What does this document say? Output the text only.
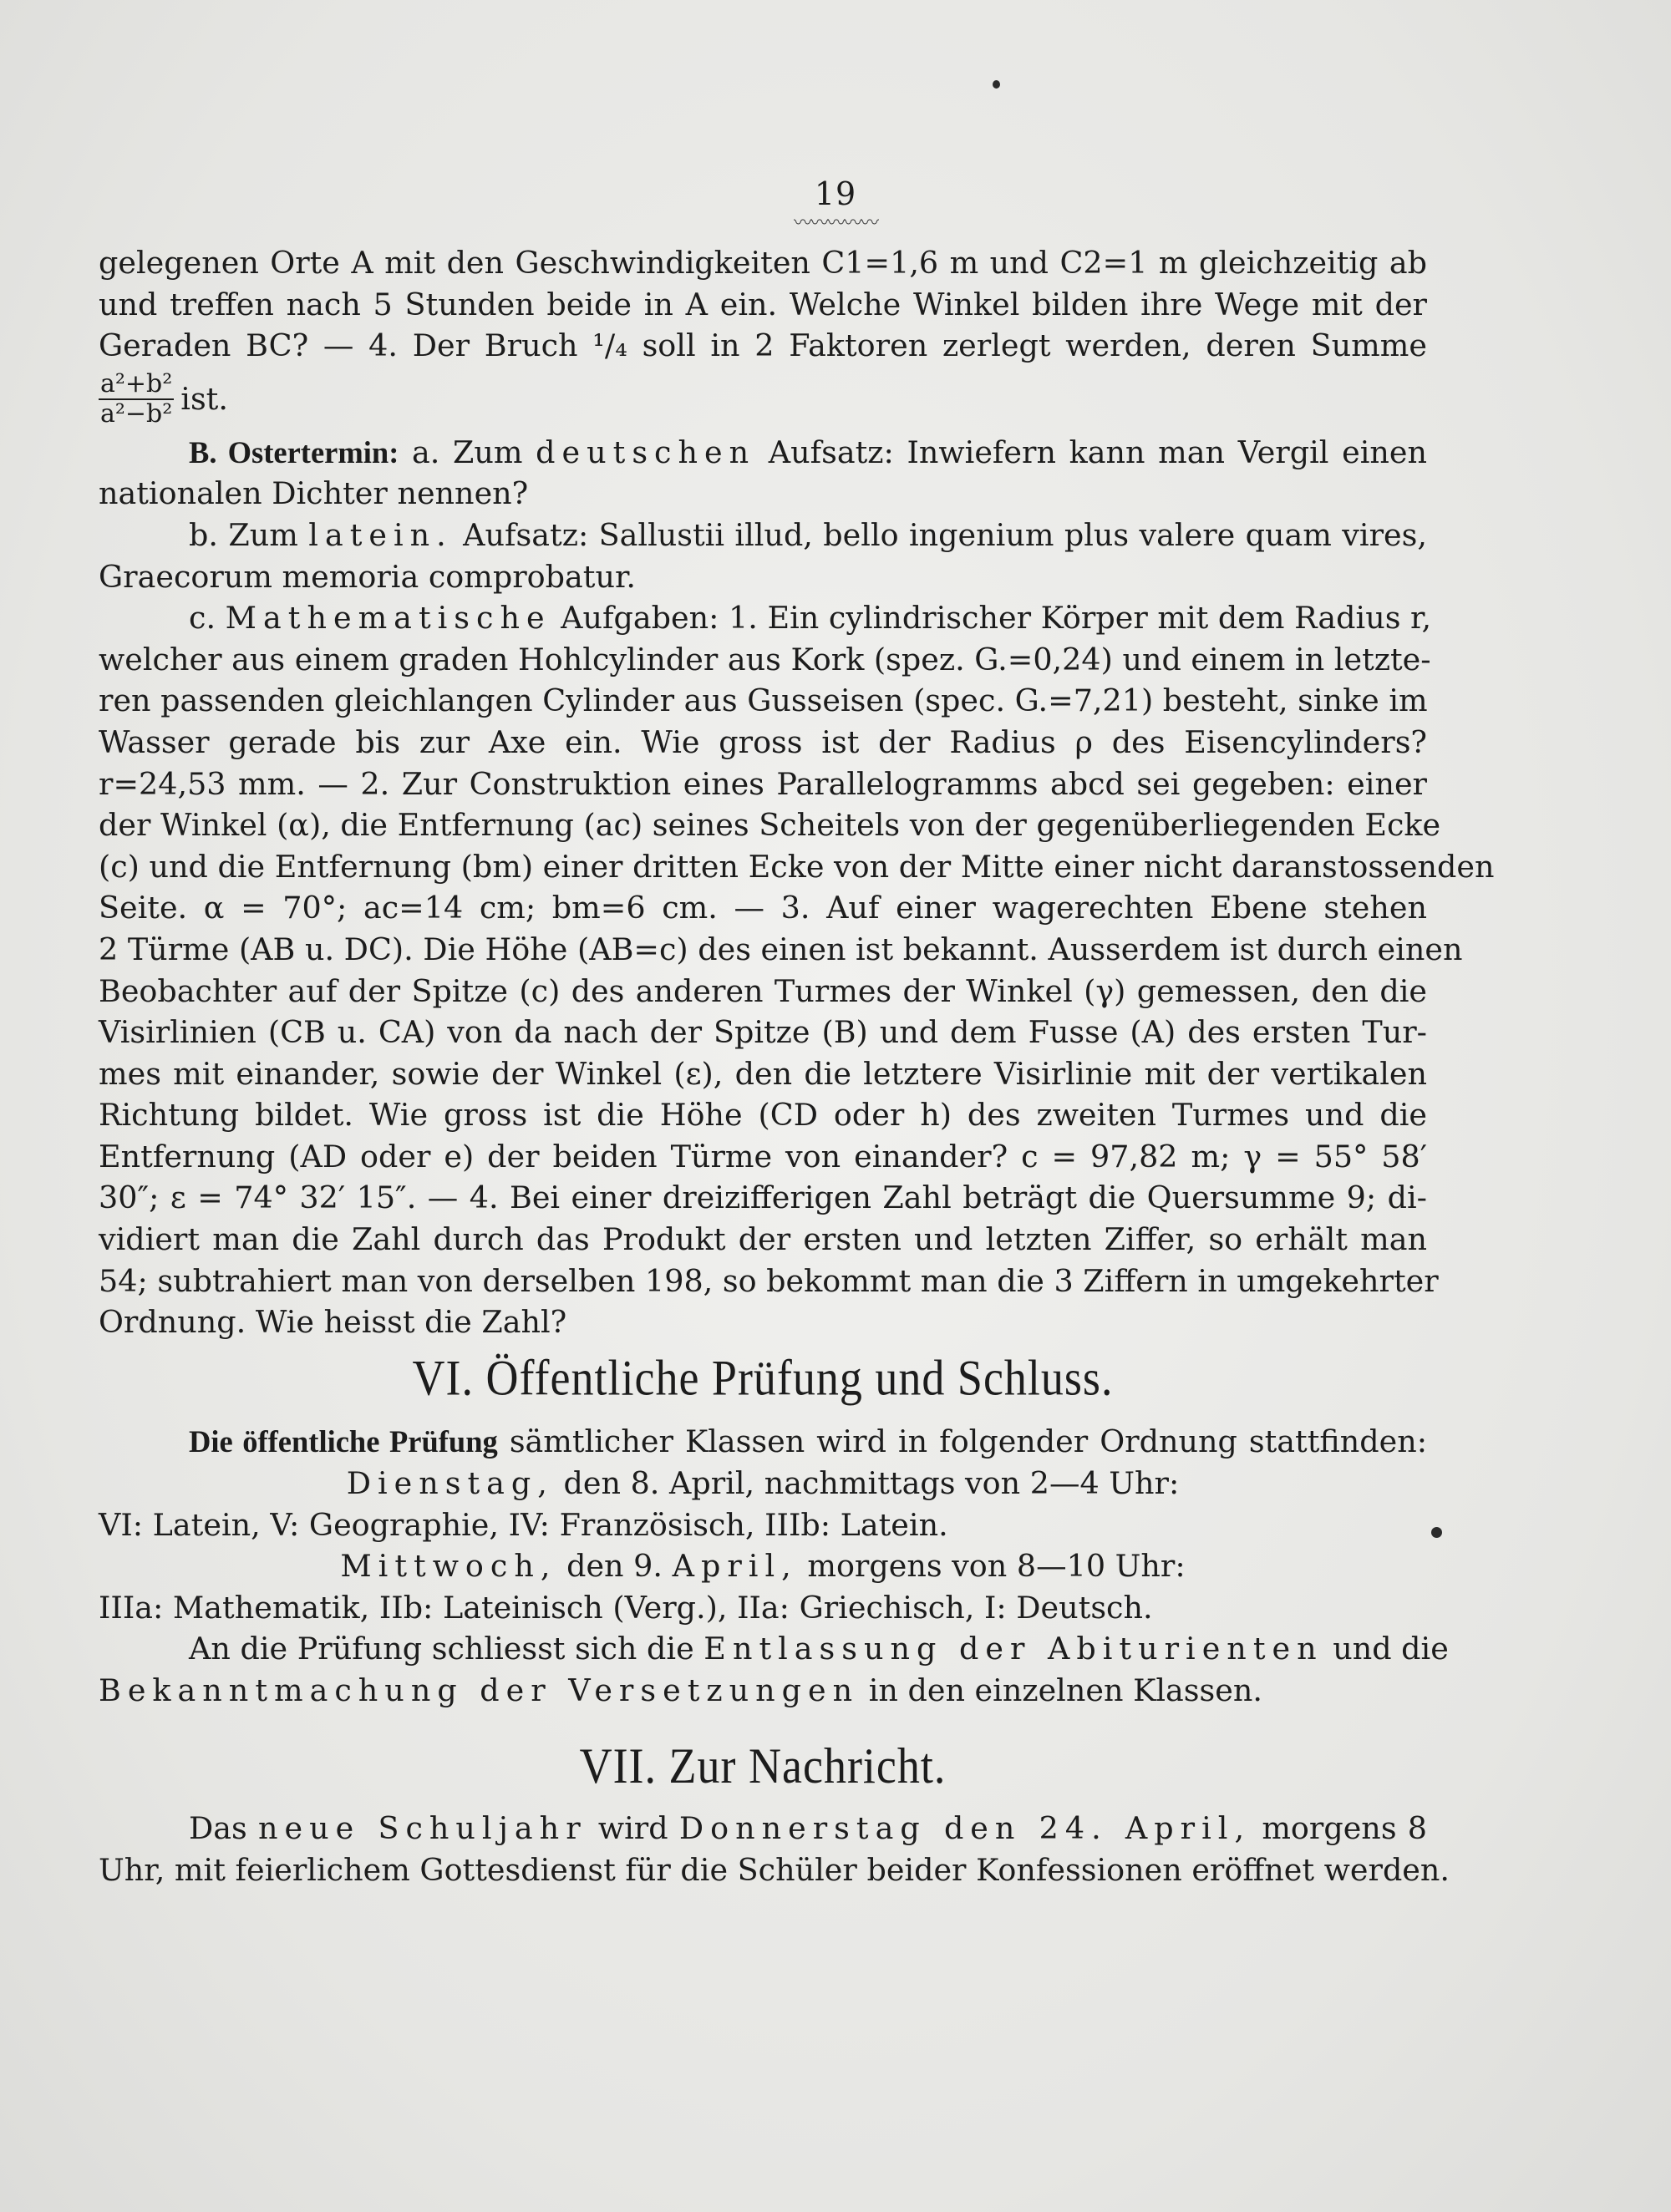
19
〰〰〰〰〰
gelegenen Orte A mit den Geschwindigkeiten C1=1,6 m und C2=1 m gleichzeitig ab
und treffen nach 5 Stunden beide in A ein. Welche Winkel bilden ihre Wege mit der
Geraden BC? — 4. Der Bruch ¹/₄ soll in 2 Faktoren zerlegt werden, deren Summe
$\frac{\text{a²+b²}}{\text{a²−b²}}$ ist.
B. Ostertermin: a. Zum deutschen Aufsatz: Inwiefern kann man Vergil einen
nationalen Dichter nennen?
b. Zum latein. Aufsatz: Sallustii illud, bello ingenium plus valere quam vires,
Graecorum memoria comprobatur.
c. Mathematische Aufgaben: 1. Ein cylindrischer Körper mit dem Radius r,
welcher aus einem graden Hohlcylinder aus Kork (spez. G.=0,24) und einem in letzte-
ren passenden gleichlangen Cylinder aus Gusseisen (spec. G.=7,21) besteht, sinke im
Wasser gerade bis zur Axe ein. Wie gross ist der Radius ρ des Eisencylinders?
r=24,53 mm. — 2. Zur Construktion eines Parallelogramms abcd sei gegeben: einer
der Winkel (α), die Entfernung (ac) seines Scheitels von der gegenüberliegenden Ecke
(c) und die Entfernung (bm) einer dritten Ecke von der Mitte einer nicht daranstossenden
Seite. α = 70°; ac=14 cm; bm=6 cm. — 3. Auf einer wagerechten Ebene stehen
2 Türme (AB u. DC). Die Höhe (AB=c) des einen ist bekannt. Ausserdem ist durch einen
Beobachter auf der Spitze (c) des anderen Turmes der Winkel (γ) gemessen, den die
Visirlinien (CB u. CA) von da nach der Spitze (B) und dem Fusse (A) des ersten Tur-
mes mit einander, sowie der Winkel (ε), den die letztere Visirlinie mit der vertikalen
Richtung bildet. Wie gross ist die Höhe (CD oder h) des zweiten Turmes und die
Entfernung (AD oder e) der beiden Türme von einander? c = 97,82 m; γ = 55° 58′
30″; ε = 74° 32′ 15″. — 4. Bei einer dreizifferigen Zahl beträgt die Quersumme 9; di-
vidiert man die Zahl durch das Produkt der ersten und letzten Ziffer, so erhält man
54; subtrahiert man von derselben 198, so bekommt man die 3 Ziffern in umgekehrter
Ordnung. Wie heisst die Zahl?
VI. Öffentliche Prüfung und Schluss.
Die öffentliche Prüfung sämtlicher Klassen wird in folgender Ordnung stattfinden:
Dienstag, den 8. April, nachmittags von 2—4 Uhr:
VI: Latein, V: Geographie, IV: Französisch, IIIb: Latein.
Mittwoch, den 9. April, morgens von 8—10 Uhr:
IIIa: Mathematik, IIb: Lateinisch (Verg.), IIa: Griechisch, I: Deutsch.
An die Prüfung schliesst sich die Entlassung der Abiturienten und die
Bekanntmachung der Versetzungen in den einzelnen Klassen.
VII. Zur Nachricht.
Das neue Schuljahr wird Donnerstag den 24. April, morgens 8
Uhr, mit feierlichem Gottesdienst für die Schüler beider Konfessionen eröffnet werden.
